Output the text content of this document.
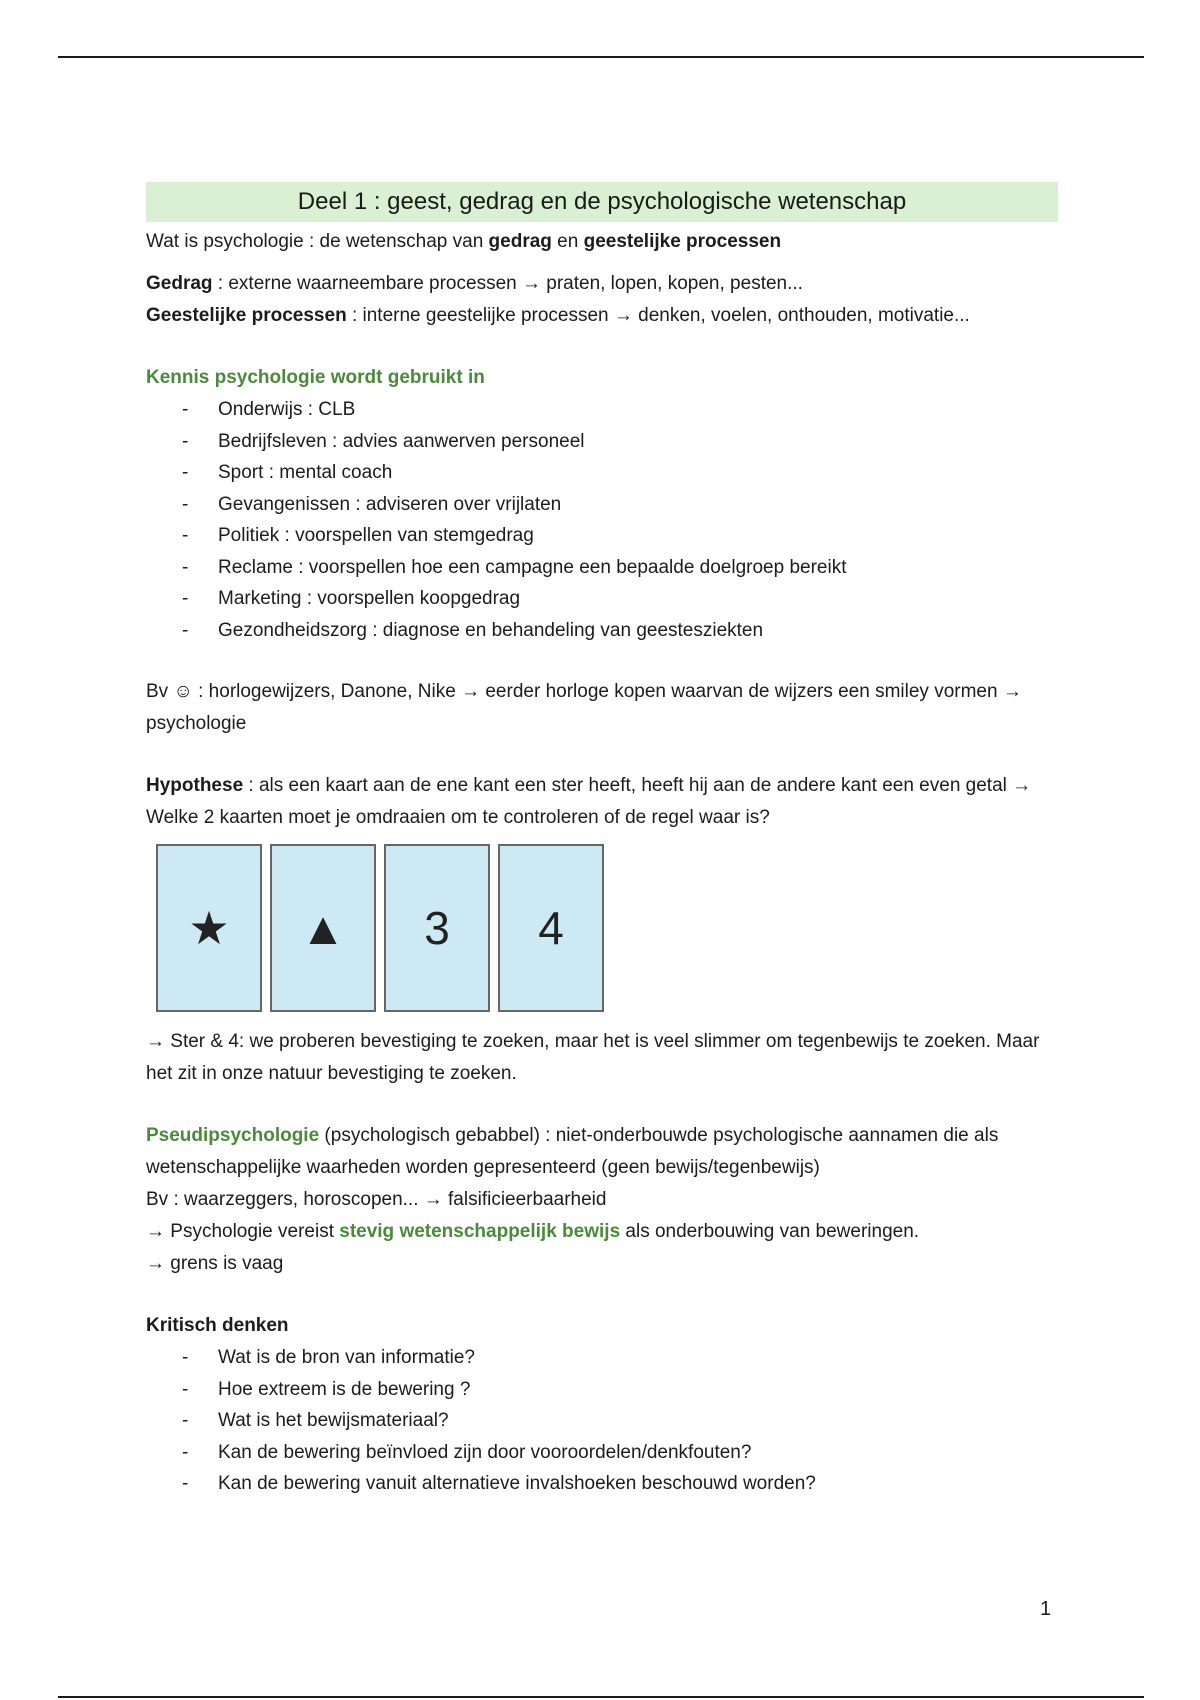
Deel 1 : geest, gedrag en de psychologische wetenschap

Wat is psychologie : de wetenschap van gedrag en geestelijke processen

Gedrag : externe waarneembare processen → praten, lopen, kopen, pesten...

Geestelijke processen : interne geestelijke processen → denken, voelen, onthouden, motivatie...

Kennis psychologie wordt gebruikt in

- Onderwijs : CLB
- Bedrijfsleven : advies aanwerven personeel
- Sport : mental coach
- Gevangenissen : adviseren over vrijlaten
- Politiek : voorspellen van stemgedrag
- Reclame : voorspellen hoe een campagne een bepaalde doelgroep bereikt
- Marketing : voorspellen koopgedrag
- Gezondheidszorg : diagnose en behandeling van geestesziekten

Bv ☺ : horlogewijzers, Danone, Nike → eerder horloge kopen waarvan de wijzers een smiley vormen → psychologie

Hypothese : als een kaart aan de ene kant een ster heeft, heeft hij aan de andere kant een even getal → Welke 2 kaarten moet je omdraaien om te controleren of de regel waar is?

★	▲	3	4

→ Ster & 4: we proberen bevestiging te zoeken, maar het is veel slimmer om tegenbewijs te zoeken. Maar het zit in onze natuur bevestiging te zoeken.

Pseudipsychologie (psychologisch gebabbel) : niet-onderbouwde psychologische aannamen die als wetenschappelijke waarheden worden gepresenteerd (geen bewijs/tegenbewijs)

Bv : waarzeggers, horoscopen... → falsificieerbaarheid

→ Psychologie vereist stevig wetenschappelijk bewijs als onderbouwing van beweringen.

→ grens is vaag

Kritisch denken

- Wat is de bron van informatie?
- Hoe extreem is de bewering ?
- Wat is het bewijsmateriaal?
- Kan de bewering beïnvloed zijn door vooroordelen/denkfouten?
- Kan de bewering vanuit alternatieve invalshoeken beschouwd worden?
1
